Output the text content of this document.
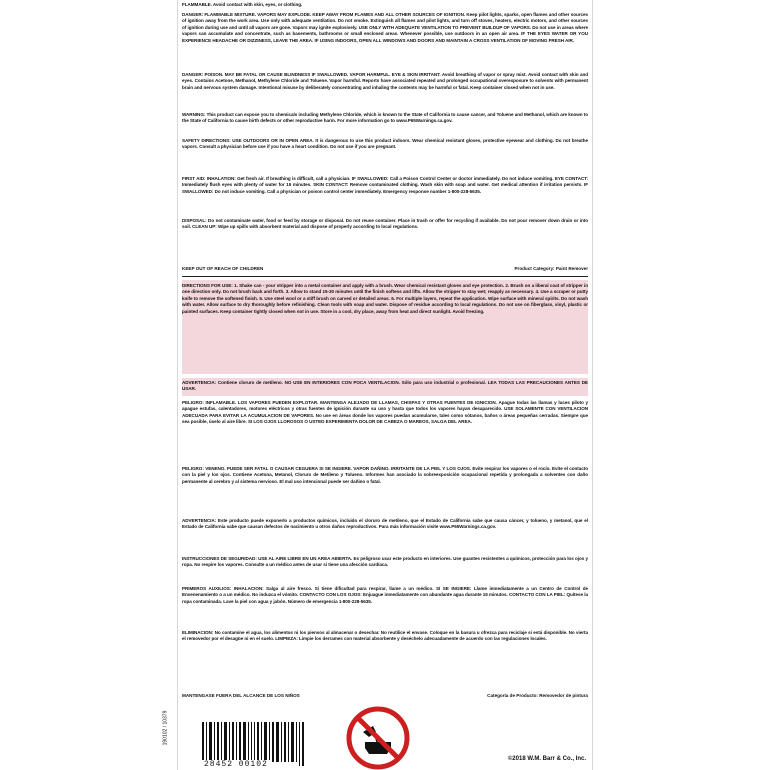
FLAMMABLE. Avoid contact with skin, eyes, or clothing.

DANGER: FLAMMABLE MIXTURE. VAPORS MAY EXPLODE. KEEP AWAY FROM FLAMES AND ALL OTHER SOURCES OF IGNITION. Keep pilot lights, sparks, open flames and other sources of ignition away from the work area. Use only with adequate ventilation. Do not smoke. Extinguish all flames and pilot lights, and turn off stoves, heaters, electric motors, and other sources of ignition during use and until all vapors are gone. Vapors may ignite explosively. USE ONLY WITH ADEQUATE VENTILATION TO PREVENT BUILDUP OF VAPORS. Do not use in areas where vapors can accumulate and concentrate, such as basements, bathrooms or small enclosed areas. Whenever possible, use outdoors in an open air area. IF THE EYES WATER OR YOU EXPERIENCE HEADACHE OR DIZZINESS, LEAVE THE AREA. IF USING INDOORS, OPEN ALL WINDOWS AND DOORS AND MAINTAIN A CROSS VENTILATION OF MOVING FRESH AIR.

DANGER: POISON. MAY BE FATAL OR CAUSE BLINDNESS IF SWALLOWED. VAPOR HARMFUL. EYE & SKIN IRRITANT. Avoid breathing of vapor or spray mist. Avoid contact with skin and eyes. Contains Acetone, Methanol, Methylene Chloride and Toluene. Vapor harmful. Reports have associated repeated and prolonged occupational overexposure to solvents with permanent brain and nervous system damage. Intentional misuse by deliberately concentrating and inhaling the contents may be harmful or fatal. Keep container closed when not in use.

WARNING: This product can expose you to chemicals including Methylene Chloride, which is known to the State of California to cause cancer, and Toluene and Methanol, which are known to the State of California to cause birth defects or other reproductive harm. For more information go to www.P65Warnings.ca.gov.

SAFETY DIRECTIONS: USE OUTDOORS OR IN OPEN AREA. It is dangerous to use this product indoors. Wear chemical resistant gloves, protective eyewear and clothing. Do not breathe vapors. Consult a physician before use if you have a heart condition. Do not use if you are pregnant.

FIRST AID: INHALATION: Get fresh air. If breathing is difficult, call a physician. IF SWALLOWED: Call a Poison Control Center or doctor immediately. Do not induce vomiting. EYE CONTACT: Immediately flush eyes with plenty of water for 15 minutes. SKIN CONTACT: Remove contaminated clothing. Wash skin with soap and water. Get medical attention if irritation persists. IF SWALLOWED: Do not induce vomiting. Call a physician or poison control center immediately. Emergency response number 1-800-228-5635.

DISPOSAL: Do not contaminate water, food or feed by storage or disposal. Do not reuse container. Place in trash or offer for recycling if available. Do not pour remover down drain or into soil. CLEAN UP: Wipe up spills with absorbent material and dispose of properly according to local regulations.

KEEP OUT OF REACH OF CHILDREN	Product Category: Paint Remover

DIRECTIONS FOR USE: 1. Shake can - your stripper into a metal container and apply with a brush. Wear chemical resistant gloves and eye protection. 2. Brush on a liberal coat of stripper in one direction only. Do not brush back and forth. 3. Allow to stand 15-30 minutes until the finish softens and lifts. Allow the stripper to stay wet; reapply as necessary. 4. Use a scraper or putty knife to remove the softened finish. 5. Use steel wool or a stiff brush on carved or detailed areas. 6. For multiple layers, repeat the application. Wipe surface with mineral spirits. Do not wash with water. Allow surface to dry thoroughly before refinishing. Clean tools with soap and water. Dispose of residue according to local regulations. Do not use on fiberglass, vinyl, plastic or painted surfaces. Keep container tightly closed when not in use. Store in a cool, dry place, away from heat and direct sunlight. Avoid freezing.

ADVERTENCIA: Contiene cloruro de metileno. NO USE EN INTERIORES CON POCA VENTILACION. Sólo para uso industrial o profesional. LEA TODAS LAS PRECAUCIONES ANTES DE USAR.

PELIGRO: INFLAMABLE. LOS VAPORES PUEDEN EXPLOTAR. MANTENGA ALEJADO DE LLAMAS, CHISPAS Y OTRAS FUENTES DE IGNICION. Apague todas las llamas y luces piloto y apague estufas, calentadores, motores eléctricos y otras fuentes de ignición durante su uso y hasta que todos los vapores hayan desaparecido. USE SOLAMENTE CON VENTILACION ADECUADA PARA EVITAR LA ACUMULACION DE VAPORES. No use en áreas donde los vapores puedan acumularse, tales como sótanos, baños o áreas pequeñas cerradas. Siempre que sea posible, úselo al aire libre. SI LOS OJOS LLOROSOS O USTED EXPERIMENTA DOLOR DE CABEZA O MAREOS, SALGA DEL AREA.

PELIGRO: VENENO. PUEDE SER FATAL O CAUSAR CEGUERA SI SE INGIERE. VAPOR DAÑINO. IRRITANTE DE LA PIEL Y LOS OJOS. Evite respirar los vapores o el rocío. Evite el contacto con la piel y los ojos. Contiene Acetona, Metanol, Cloruro de Metileno y Tolueno. Informes han asociado la sobreexposición ocupacional repetida y prolongada a solventes con daño permanente al cerebro y al sistema nervioso. El mal uso intencional puede ser dañino o fatal.

ADVERTENCIA: Este producto puede exponerlo a productos químicos, incluido el cloruro de metileno, que el Estado de California sabe que causa cáncer, y tolueno, y metanol, que el Estado de California sabe que causan defectos de nacimiento u otros daños reproductivos. Para más información visite www.P65Warnings.ca.gov.

INSTRUCCIONES DE SEGURIDAD: USE AL AIRE LIBRE EN UN AREA ABIERTA. Es peligroso usar este producto en interiores. Use guantes resistentes a químicos, protección para los ojos y ropa. No respire los vapores. Consulte a un médico antes de usar si tiene una afección cardíaca.

PRIMEROS AUXILIOS: INHALACION: Salga al aire fresco. Si tiene dificultad para respirar, llame a un médico. SI SE INGIERE: Llame inmediatamente a un Centro de Control de Envenenamiento o a un médico. No induzca el vómito. CONTACTO CON LOS OJOS: Enjuague inmediatamente con abundante agua durante 15 minutos. CONTACTO CON LA PIEL: Quítese la ropa contaminada. Lave la piel con agua y jabón. Número de emergencia 1-800-228-5635.

ELIMINACION: No contamine el agua, los alimentos ni los piensos al almacenar o desechar. No reutilice el envase. Coloque en la basura u ofrezca para reciclaje si está disponible. No vierta el removedor por el desagüe ni en el suelo. LIMPIEZA: Limpie los derrames con material absorbente y deséchelo adecuadamente de acuerdo con las regulaciones locales.

MANTENGASE FUERA DEL ALCANCE DE LOS NIÑOS	Categoría de Producto: Removedor de pintura
190102 / 10379
28452 00102
©2018 W.M. Barr & Co., Inc.
